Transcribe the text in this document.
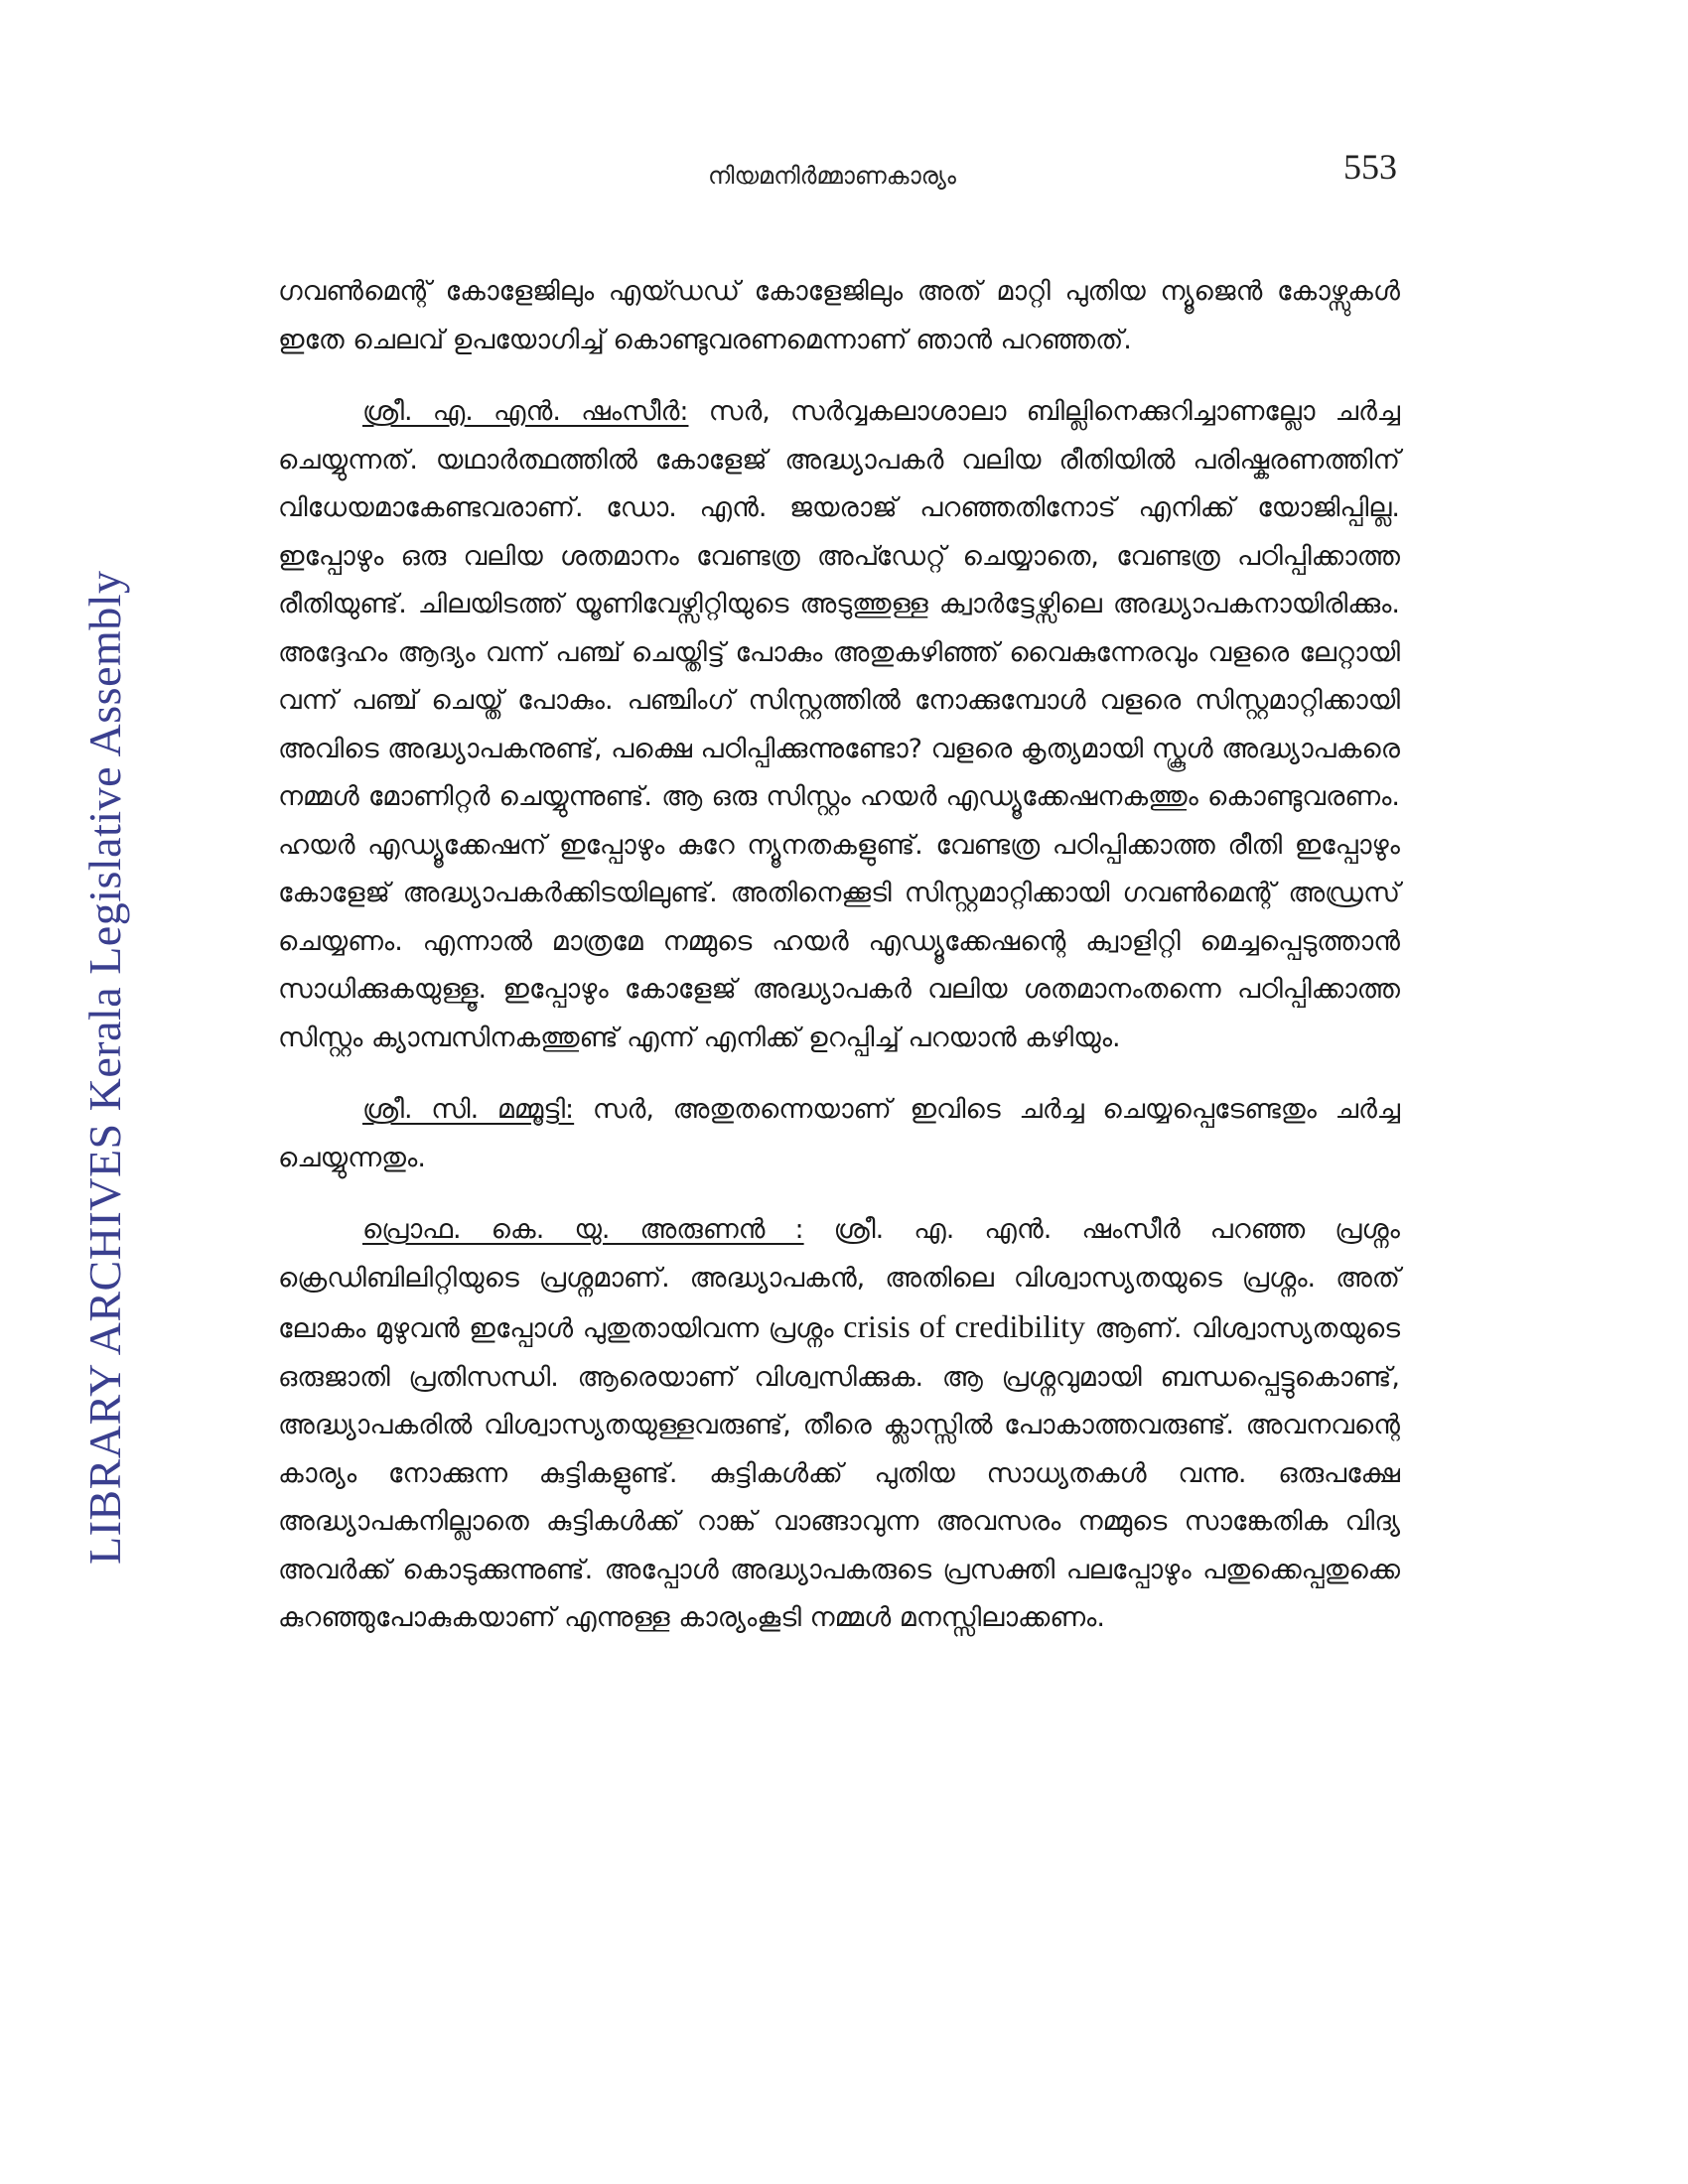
LIBRARY ARCHIVES Kerala Legislative Assembly
നിയമനിർമ്മാണകാര്യം	553

ഗവൺമെന്റ് കോളേജിലും എയ്ഡഡ് കോളേജിലും അത് മാറ്റി പുതിയ ന്യൂജെൻ കോഴ്സുകൾ ഇതേ ചെലവ് ഉപയോഗിച്ച് കൊണ്ടുവരണമെന്നാണ് ഞാൻ പറഞ്ഞത്.

ശ്രീ. എ. എൻ. ഷംസീർ: സർ, സർവ്വകലാശാലാ ബില്ലിനെക്കുറിച്ചാണല്ലോ ചർച്ച ചെയ്യുന്നത്. യഥാർത്ഥത്തിൽ കോളേജ് അദ്ധ്യാപകർ വലിയ രീതിയിൽ പരിഷ്കരണത്തിന് വിധേയമാകേണ്ടവരാണ്. ഡോ. എൻ. ജയരാജ് പറഞ്ഞതിനോട് എനിക്ക് യോജിപ്പില്ല. ഇപ്പോഴും ഒരു വലിയ ശതമാനം വേണ്ടത്ര അപ്ഡേറ്റ് ചെയ്യാതെ, വേണ്ടത്ര പഠിപ്പിക്കാത്ത രീതിയുണ്ട്. ചിലയിടത്ത് യൂണിവേഴ്സിറ്റിയുടെ അടുത്തുള്ള ക്വാർട്ടേഴ്സിലെ അദ്ധ്യാപകനായിരിക്കും. അദ്ദേഹം ആദ്യം വന്ന് പഞ്ച് ചെയ്തിട്ട് പോകും അതുകഴിഞ്ഞ് വൈകുന്നേരവും വളരെ ലേറ്റായി വന്ന് പഞ്ച് ചെയ്ത് പോകും. പഞ്ചിംഗ് സിസ്റ്റത്തിൽ നോക്കുമ്പോൾ വളരെ സിസ്റ്റമാറ്റിക്കായി അവിടെ അദ്ധ്യാപകനുണ്ട്, പക്ഷെ പഠിപ്പിക്കുന്നുണ്ടോ? വളരെ കൃത്യമായി സ്കൂൾ അദ്ധ്യാപകരെ നമ്മൾ മോണിറ്റർ ചെയ്യുന്നുണ്ട്. ആ ഒരു സിസ്റ്റം ഹയർ എഡ്യൂക്കേഷനകത്തും കൊണ്ടുവരണം. ഹയർ എഡ്യൂക്കേഷന് ഇപ്പോഴും കുറേ ന്യൂനതകളുണ്ട്. വേണ്ടത്ര പഠിപ്പിക്കാത്ത രീതി ഇപ്പോഴും കോളേജ് അദ്ധ്യാപകർക്കിടയിലുണ്ട്. അതിനെക്കൂടി സിസ്റ്റമാറ്റിക്കായി ഗവൺമെന്റ് അഡ്രസ് ചെയ്യണം. എന്നാൽ മാത്രമേ നമ്മുടെ ഹയർ എഡ്യൂക്കേഷന്റെ ക്വാളിറ്റി മെച്ചപ്പെടുത്താൻ സാധിക്കുകയുള്ളൂ. ഇപ്പോഴും കോളേജ് അദ്ധ്യാപകർ വലിയ ശതമാനംതന്നെ പഠിപ്പിക്കാത്ത സിസ്റ്റം ക്യാമ്പസിനകത്തുണ്ട് എന്ന് എനിക്ക് ഉറപ്പിച്ച് പറയാൻ കഴിയും.

ശ്രീ. സി. മമ്മൂട്ടി: സർ, അതുതന്നെയാണ് ഇവിടെ ചർച്ച ചെയ്യപ്പെടേണ്ടതും ചർച്ച ചെയ്യുന്നതും.

പ്രൊഫ. കെ. യു. അരുണൻ : ശ്രീ. എ. എൻ. ഷംസീർ പറഞ്ഞ പ്രശ്നം ക്രെഡിബിലിറ്റിയുടെ പ്രശ്നമാണ്. അദ്ധ്യാപകൻ, അതിലെ വിശ്വാസ്യതയുടെ പ്രശ്നം. അത് ലോകം മുഴുവൻ ഇപ്പോൾ പുതുതായിവന്ന പ്രശ്നം crisis of credibility ആണ്. വിശ്വാസ്യതയുടെ ഒരുജാതി പ്രതിസന്ധി. ആരെയാണ് വിശ്വസിക്കുക. ആ പ്രശ്നവുമായി ബന്ധപ്പെട്ടുകൊണ്ട്, അദ്ധ്യാപകരിൽ വിശ്വാസ്യതയുള്ളവരുണ്ട്, തീരെ ക്ലാസ്സിൽ പോകാത്തവരുണ്ട്. അവനവന്റെ കാര്യം നോക്കുന്ന കുട്ടികളുണ്ട്. കുട്ടികൾക്ക് പുതിയ സാധ്യതകൾ വന്നു. ഒരുപക്ഷേ അദ്ധ്യാപകനില്ലാതെ കുട്ടികൾക്ക് റാങ്ക് വാങ്ങാവുന്ന അവസരം നമ്മുടെ സാങ്കേതിക വിദ്യ അവർക്ക് കൊടുക്കുന്നുണ്ട്. അപ്പോൾ അദ്ധ്യാപകരുടെ പ്രസക്തി പലപ്പോഴും പതുക്കെപ്പതുക്കെ കുറഞ്ഞുപോകുകയാണ് എന്നുള്ള കാര്യംകൂടി നമ്മൾ മനസ്സിലാക്കണം.
